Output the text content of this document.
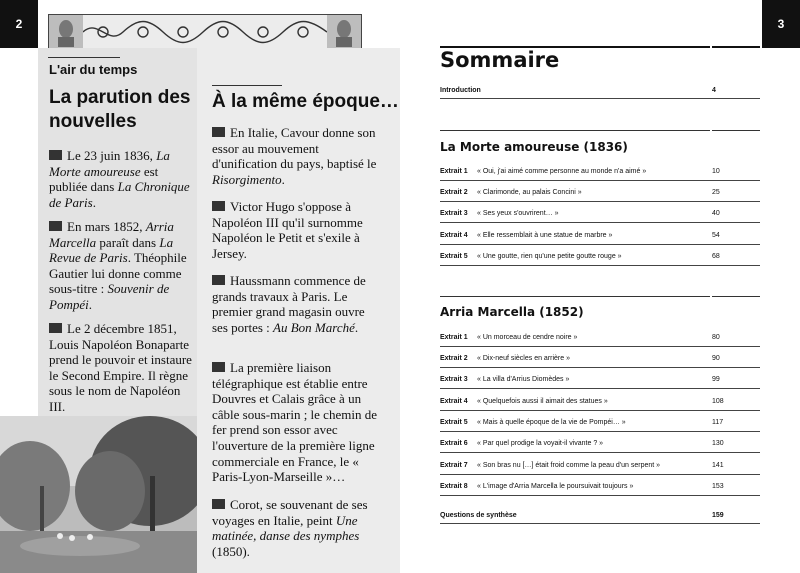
2
L'air du temps
La parution des nouvelles
À la même époque…

Le 23 juin 1836, La Morte amoureuse est publiée dans La Chronique de Paris.

En mars 1852, Arria Marcella paraît dans La Revue de Paris. Théophile Gautier lui donne comme sous-titre : Souvenir de Pompéi.

Le 2 décembre 1851, Louis Napoléon Bonaparte prend le pouvoir et instaure le Second Empire. Il règne sous le nom de Napoléon III.

En Italie, Cavour donne son essor au mouvement d'unification du pays, baptisé le Risorgimento.

Victor Hugo s'oppose à Napoléon III qu'il surnomme Napoléon le Petit et s'exile à Jersey.

Haussmann commence de grands travaux à Paris. Le premier grand magasin ouvre ses portes : Au Bon Marché.

La première liaison télégraphique est établie entre Douvres et Calais grâce à un câble sous-marin ; le chemin de fer prend son essor avec l'ouverture de la première ligne commerciale en France, le « Paris-Lyon-Marseille »…

Corot, se souvenant de ses voyages en Italie, peint Une matinée, danse des nymphes (1850).

3
Sommaire
Introduction	4
La Morte amoureuse (1836)
Extrait 1 « Oui, j'ai aimé comme personne au monde n'a aimé »	10
Extrait 2 « Clarimonde, au palais Concini »	25
Extrait 3 « Ses yeux s'ouvrirent… »	40
Extrait 4 « Elle ressemblait à une statue de marbre »	54
Extrait 5 « Une goutte, rien qu'une petite goutte rouge »	68
Arria Marcella (1852)
Extrait 1 « Un morceau de cendre noire »	80
Extrait 2 « Dix-neuf siècles en arrière »	90
Extrait 3 « La villa d'Arrius Diomèdes »	99
Extrait 4 « Quelquefois aussi il aimait des statues »	108
Extrait 5 « Mais à quelle époque de la vie de Pompéi… »	117
Extrait 6 « Par quel prodige la voyait-il vivante ? »	130
Extrait 7 « Son bras nu […] était froid comme la peau d'un serpent »	141
Extrait 8 « L'image d'Arria Marcella le poursuivait toujours »	153
Questions de synthèse	159
